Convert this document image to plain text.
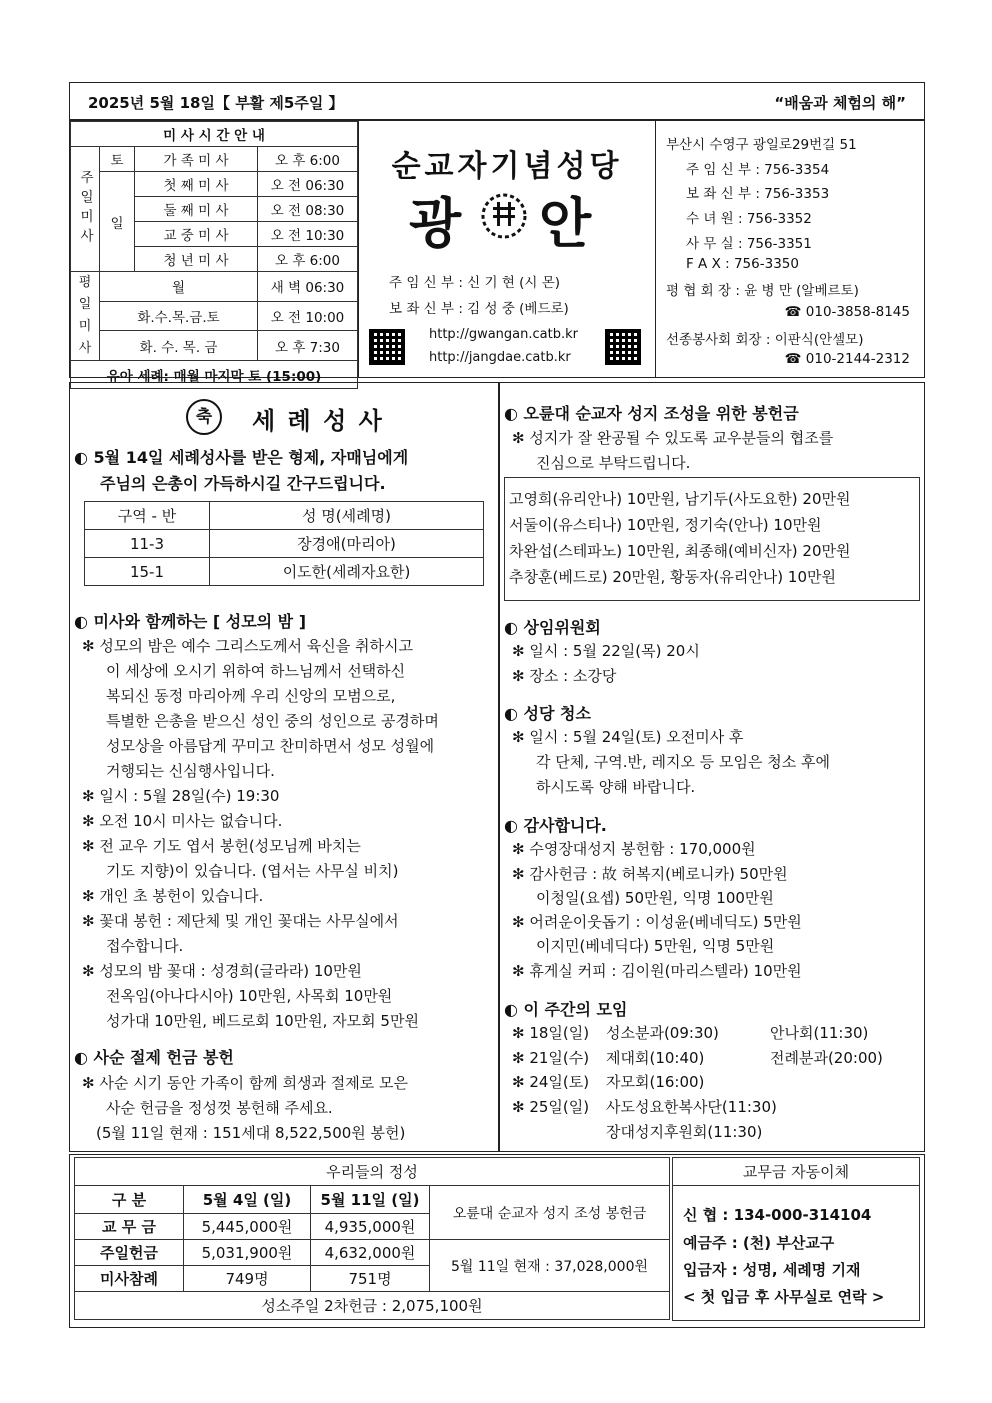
2025년 5월 18일【 부활 제5주일 】	“배움과 체험의 해”
미 사 시 간 안 내			

주일미사	토	가 족 미 사	오 후 6:00
	일	첫 째 미 사	오 전 06:30
		둘 째 미 사	오 전 08:30
		교 중 미 사	오 전 10:30
		청 년 미 사	오 후 6:00

평일미사	월		새 벽 06:30
	화.수.목.금.토		오 전 10:00
	화. 수. 목. 금		오 후 7:30
유아 세례: 매월 마지막 토 (15:00)			
순교자기념성당
광 안
주 임 신 부 : 신 기 현 (시 몬)
보 좌 신 부 : 김 성 중 (베드로)
http://gwangan.catb.kr
http://jangdae.catb.kr
부산시 수영구 광일로29번길 51
주 임 신 부 : 756-3354
보 좌 신 부 : 756-3353
수 녀 원 : 756-3352
사 무 실 : 756-3351
F A X : 756-3350
평 협 회 장 : 윤 병 만 (알베르토)
☎ 010-3858-8145
선종봉사회 회장 : 이판식(안셀모)
☎ 010-2144-2312
축	세 례 성 사
◐ 5월 14일 세례성사를 받은 형제, 자매님에게
주님의 은총이 가득하시길 간구드립니다.
구역 - 반	성 명(세례명)
11-3	장경애(마리아)
15-1	이도한(세례자요한)
◐ 미사와 함께하는 [ 성모의 밤 ]
✻ 성모의 밤은 예수 그리스도께서 육신을 취하시고
이 세상에 오시기 위하여 하느님께서 선택하신
복되신 동정 마리아께 우리 신앙의 모범으로,
특별한 은총을 받으신 성인 중의 성인으로 공경하며
성모상을 아름답게 꾸미고 찬미하면서 성모 성월에
거행되는 신심행사입니다.
✻ 일시 : 5월 28일(수) 19:30
✻ 오전 10시 미사는 없습니다.
✻ 전 교우 기도 엽서 봉헌(성모님께 바치는
기도 지향)이 있습니다. (엽서는 사무실 비치)
✻ 개인 초 봉헌이 있습니다.
✻ 꽃대 봉헌 : 제단체 및 개인 꽃대는 사무실에서
접수합니다.
✻ 성모의 밤 꽃대 : 성경희(글라라) 10만원
전옥임(아나다시아) 10만원, 사목회 10만원
성가대 10만원, 베드로회 10만원, 자모회 5만원
◐ 사순 절제 헌금 봉헌
✻ 사순 시기 동안 가족이 함께 희생과 절제로 모은
사순 헌금을 정성껏 봉헌해 주세요.
(5월 11일 현재 : 151세대 8,522,500원 봉헌)
◐ 오륜대 순교자 성지 조성을 위한 봉헌금
✻ 성지가 잘 완공될 수 있도록 교우분들의 협조를
진심으로 부탁드립니다.
고영희(유리안나) 10만원, 남기두(사도요한) 20만원
서둘이(유스티나) 10만원, 정기숙(안나) 10만원
차완섭(스테파노) 10만원, 최종해(예비신자) 20만원
추창훈(베드로) 20만원, 황동자(유리안나) 10만원
◐ 상임위원회
✻ 일시 : 5월 22일(목) 20시
✻ 장소 : 소강당
◐ 성당 청소
✻ 일시 : 5월 24일(토) 오전미사 후
각 단체, 구역.반, 레지오 등 모임은 청소 후에
하시도록 양해 바랍니다.
◐ 감사합니다.
✻ 수영장대성지 봉헌함 : 170,000원
✻ 감사헌금 : 故 허복지(베로니카) 50만원
이청일(요셉) 50만원, 익명 100만원
✻ 어려운이웃돕기 : 이성윤(베네딕도) 5만원
이지민(베네딕다) 5만원, 익명 5만원
✻ 휴게실 커피 : 김이원(마리스텔라) 10만원
◐ 이 주간의 모임
✻ 18일(일) 성소분과(09:30)	안나회(11:30)
✻ 21일(수) 제대회(10:40)	전례분과(20:00)
✻ 24일(토) 자모회(16:00)
✻ 25일(일) 사도성요한복사단(11:30)
장대성지후원회(11:30)
우리들의 정성			
구 분	5월 4일 (일)	5월 11일 (일)	오륜대 순교자 성지 조성 봉헌금
교 무 금	5,445,000원	4,935,000원	
주일헌금	5,031,900원	4,632,000원	5월 11일 현재 : 37,028,000원
미사참례	749명	751명	
성소주일 2차헌금 : 2,075,100원			
교무금 자동이체
신 협 : 134-000-314104
예금주 : (천) 부산교구
입금자 : 성명, 세례명 기재
< 첫 입금 후 사무실로 연락 >
